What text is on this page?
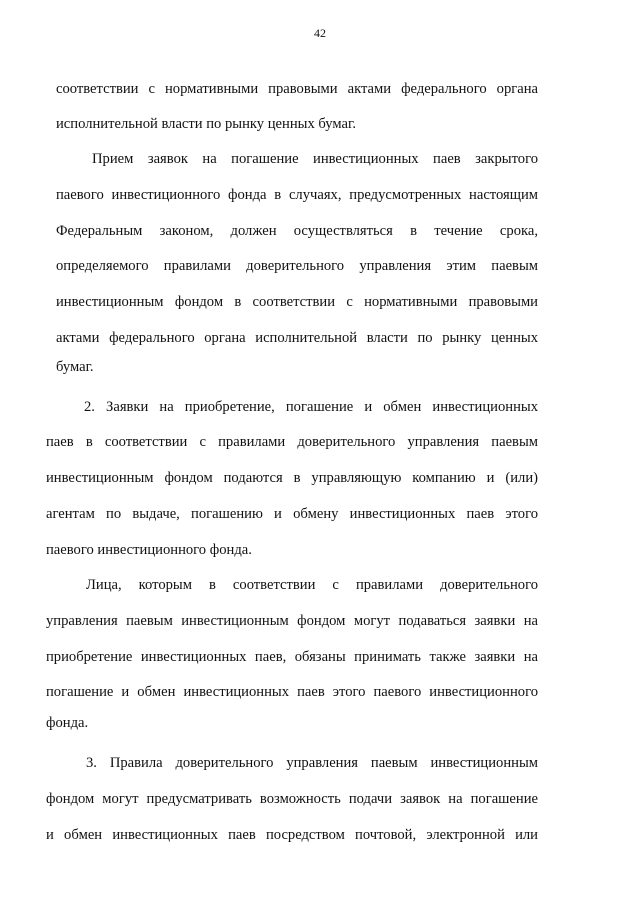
42
соответствии с нормативными правовыми актами федерального органа
исполнительной власти по рынку ценных бумаг.
Прием заявок на погашение инвестиционных паев закрытого
паевого инвестиционного фонда в случаях, предусмотренных настоящим
Федеральным законом, должен осуществляться в течение срока,
определяемого правилами доверительного управления этим паевым
инвестиционным фондом в соответствии с нормативными правовыми
актами федерального органа исполнительной власти по рынку ценных
бумаг.
2. Заявки на приобретение, погашение и обмен инвестиционных
паев в соответствии с правилами доверительного управления паевым
инвестиционным фондом подаются в управляющую компанию и (или)
агентам по выдаче, погашению и обмену инвестиционных паев этого
паевого инвестиционного фонда.
Лица, которым в соответствии с правилами доверительного
управления паевым инвестиционным фондом могут подаваться заявки на
приобретение инвестиционных паев, обязаны принимать также заявки на
погашение и обмен инвестиционных паев этого паевого инвестиционного
фонда.
3. Правила доверительного управления паевым инвестиционным
фондом могут предусматривать возможность подачи заявок на погашение
и обмен инвестиционных паев посредством почтовой, электронной или
